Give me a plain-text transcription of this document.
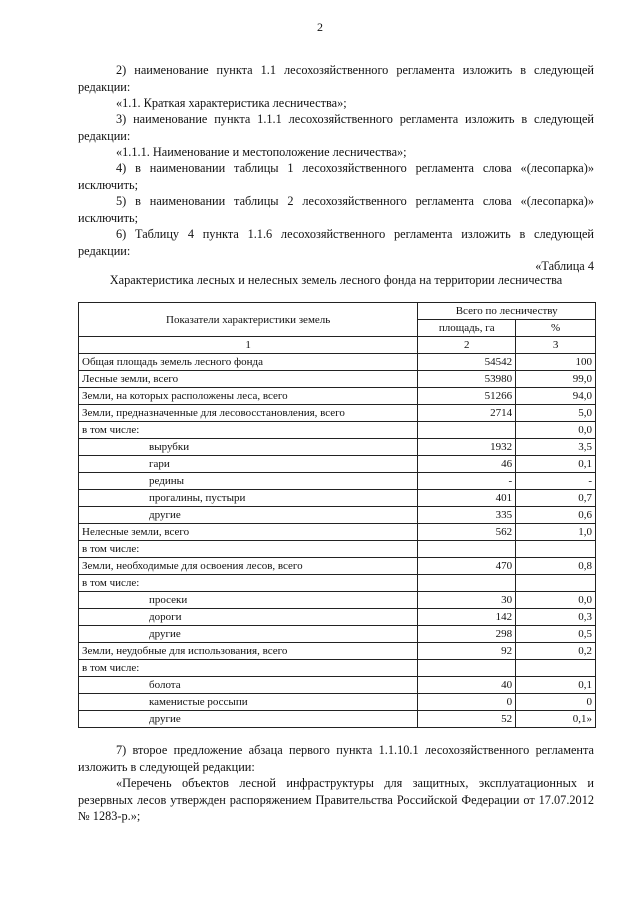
2
2) наименование пункта 1.1 лесохозяйственного регламента изложить в следующей редакции:
«1.1. Краткая характеристика лесничества»;
3) наименование пункта 1.1.1 лесохозяйственного регламента изложить в следующей редакции:
«1.1.1. Наименование и местоположение лесничества»;
4) в наименовании таблицы 1 лесохозяйственного регламента слова «(лесопарка)» исключить;
5) в наименовании таблицы 2 лесохозяйственного регламента слова «(лесопарка)» исключить;
6) Таблицу 4 пункта 1.1.6 лесохозяйственного регламента изложить в следующей редакции:
«Таблица 4
Характеристика лесных и нелесных земель лесного фонда на территории лесничества
Показатели характеристики земель	Всего по лесничеству	
	площадь, га	%
1	2	3
Общая площадь земель лесного фонда	54542	100
Лесные земли, всего	53980	99,0
Земли, на которых расположены леса, всего	51266	94,0
Земли, предназначенные для лесовосстановления, всего	2714	5,0
в том числе:		0,0
вырубки	1932	3,5
гари	46	0,1
редины	-	-
прогалины, пустыри	401	0,7
другие	335	0,6
Нелесные земли, всего	562	1,0
в том числе:		
Земли, необходимые для освоения лесов, всего	470	0,8
в том числе:		
просеки	30	0,0
дороги	142	0,3
другие	298	0,5
Земли, неудобные для использования, всего	92	0,2
в том числе:		
болота	40	0,1
каменистые россыпи	0	0
другие	52	0,1»
7) второе предложение абзаца первого пункта 1.1.10.1 лесохозяйственного регламента изложить в следующей редакции:
«Перечень объектов лесной инфраструктуры для защитных, эксплуатационных и резервных лесов утвержден распоряжением Правительства Российской Федерации от 17.07.2012 № 1283-р.»;
